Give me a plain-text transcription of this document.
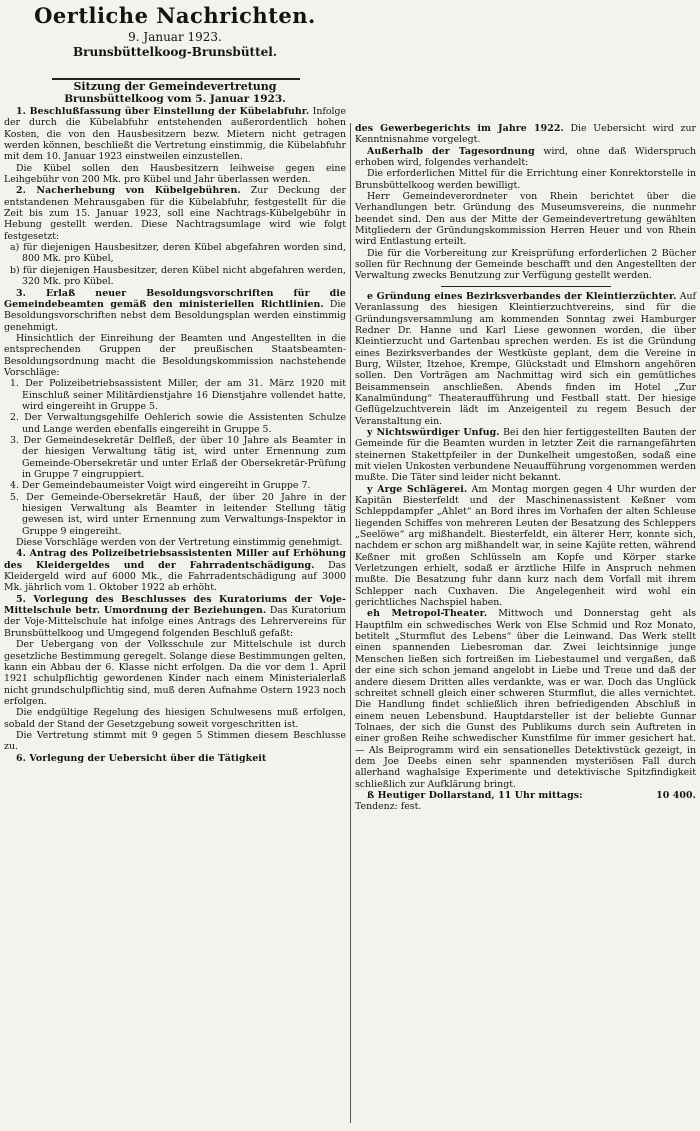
Oertliche Nachrichten.
9. Januar 1923.
Brunsbüttelkoog-Brunsbüttel.
Sitzung der Gemeindevertretung
Brunsbüttelkoog vom 5. Januar 1923.

1. Beschlußfassung über Einstellung der Kübelabfuhr. Infolge der durch die Kübelabfuhr entstehenden außerordentlich hohen Kosten, die von den Hausbesitzern bezw. Mietern nicht getragen werden können, beschließt die Vertretung einstimmig, die Kübelabfuhr mit dem 10. Januar 1923 einstweilen einzustellen.

Die Kübel sollen den Hausbesitzern leihweise gegen eine Leihgebühr von 200 Mk. pro Kübel und Jahr überlassen werden.

2. Nacherhebung von Kübelgebühren. Zur Deckung der entstandenen Mehrausgaben für die Kübelabfuhr, festgestellt für die Zeit bis zum 15. Januar 1923, soll eine Nachtrags-Kübelgebühr in Hebung gestellt werden. Diese Nachtragsumlage wird wie folgt festgesetzt:

a) für diejenigen Hausbesitzer, deren Kübel abgefahren worden sind, 800 Mk. pro Kübel,
b) für diejenigen Hausbesitzer, deren Kübel nicht abgefahren werden, 320 Mk. pro Kübel.

3. Erlaß neuer Besoldungsvorschriften für die Gemeindebeamten gemäß den ministeriellen Richtlinien. Die Besoldungsvorschriften nebst dem Besoldungsplan werden einstimmig genehmigt.

Hinsichtlich der Einreihung der Beamten und Angestellten in die entsprechenden Gruppen der preußischen Staatsbeamten-Besoldungsordnung macht die Besoldungskommission nachstehende Vorschläge:

1. Der Polizeibetriebsassistent Miller, der am 31. März 1920 mit Einschluß seiner Militärdienstjahre 16 Dienstjahre vollendet hatte, wird eingereiht in Gruppe 5.
2. Der Verwaltungsgehilfe Oehlerich sowie die Assistenten Schulze und Lange werden ebenfalls eingereiht in Gruppe 5.
3. Der Gemeindesekretär Delfleß, der über 10 Jahre als Beamter in der hiesigen Verwaltung tätig ist, wird unter Ernennung zum Gemeinde-Obersekretär und unter Erlaß der Obersekretär-Prüfung in Gruppe 7 eingruppiert.
4. Der Gemeindebaumeister Voigt wird eingereiht in Gruppe 7.
5. Der Gemeinde-Obersekretär Hauß, der über 20 Jahre in der hiesigen Verwaltung als Beamter in leitender Stellung tätig gewesen ist, wird unter Ernennung zum Verwaltungs-Inspektor in Gruppe 9 eingereiht.

Diese Vorschläge werden von der Vertretung einstimmig genehmigt.

4. Antrag des Polizeibetriebsassistenten Miller auf Erhöhung des Kleidergeldes und der Fahrradentschädigung. Das Kleidergeld wird auf 6000 Mk., die Fahrradentschädigung auf 3000 Mk. jährlich vom 1. Oktober 1922 ab erhöht.

5. Vorlegung des Beschlusses des Kuratoriums der Voje-Mittelschule betr. Umordnung der Beziehungen. Das Kuratorium der Voje-Mittelschule hat infolge eines Antrags des Lehrervereins für Brunsbüttelkoog und Umgegend folgenden Beschluß gefaßt:

Der Uebergang von der Volksschule zur Mittelschule ist durch gesetzliche Bestimmung geregelt. Solange diese Bestimmungen gelten, kann ein Abbau der 6. Klasse nicht erfolgen. Da die vor dem 1. April 1921 schulpflichtig gewordenen Kinder nach einem Ministerialerlaß nicht grundschulpflichtig sind, muß deren Aufnahme Ostern 1923 noch erfolgen.

Die endgültige Regelung des hiesigen Schulwesens muß erfolgen, sobald der Stand der Gesetzgebung soweit vorgeschritten ist.

Die Vertretung stimmt mit 9 gegen 5 Stimmen diesem Beschlusse zu.

6. Vorlegung der Uebersicht über die Tätigkeit

des Gewerbegerichts im Jahre 1922. Die Uebersicht wird zur Kenntnisnahme vorgelegt.

Außerhalb der Tagesordnung wird, ohne daß Widerspruch erhoben wird, folgendes verhandelt:

Die erforderlichen Mittel für die Errichtung einer Konrektorstelle in Brunsbüttelkoog werden bewilligt.

Herr Gemeindeverordneter von Rhein berichtet über die Verhandlungen betr. Gründung des Museumsvereins, die nunmehr beendet sind. Den aus der Mitte der Gemeindevertretung gewählten Mitgliedern der Gründungskommission Herren Heuer und von Rhein wird Entlastung erteilt.

Die für die Vorbereitung zur Kreisprüfung erforderlichen 2 Bücher sollen für Rechnung der Gemeinde beschafft und den Angestellten der Verwaltung zwecks Benutzung zur Verfügung gestellt werden.

e Gründung eines Bezirksverbandes der Kleintierzüchter. Auf Veranlassung des hiesigen Kleintierzuchtvereins, sind für die Gründungsversammlung am kommenden Sonntag zwei Hamburger Redner Dr. Hanne und Karl Liese gewonnen worden, die über Kleintierzucht und Gartenbau sprechen werden. Es ist die Gründung eines Bezirksverbandes der Westküste geplant, dem die Vereine in Burg, Wilster, Itzehoe, Krempe, Glückstadt und Elmshorn angehören sollen. Den Vorträgen am Nachmittag wird sich ein gemütliches Beisammensein anschließen. Abends finden im Hotel „Zur Kanalmündung“ Theateraufführung und Festball statt. Der hiesige Geflügelzuchtverein lädt im Anzeigenteil zu regem Besuch der Veranstaltung ein.

y Nichtswürdiger Unfug. Bei den hier fertiggestellten Bauten der Gemeinde für die Beamten wurden in letzter Zeit die rarnangefährten steinernen Stakettpfeiler in der Dunkelheit umgestoßen, sodaß eine mit vielen Unkosten verbundene Neuaufführung vorgenommen werden mußte. Die Täter sind leider nicht bekannt.

y Arge Schlägerei. Am Montag morgen gegen 4 Uhr wurden der Kapitän Biesterfeldt und der Maschinenassistent Keßner vom Schleppdampfer „Ahlet“ an Bord ihres im Vorhafen der alten Schleuse liegenden Schiffes von mehreren Leuten der Besatzung des Schleppers „Seelöwe“ arg mißhandelt. Biesterfeldt, ein älterer Herr, konnte sich, nachdem er schon arg mißhandelt war, in seine Kajüte retten, während Keßner mit großen Schlüsseln am Kopfe und Körper starke Verletzungen erhielt, sodaß er ärztliche Hilfe in Anspruch nehmen mußte. Die Besatzung fuhr dann kurz nach dem Vorfall mit ihrem Schlepper nach Cuxhaven. Die Angelegenheit wird wohl ein gerichtliches Nachspiel haben.

eh Metropol-Theater. Mittwoch und Donnerstag geht als Hauptfilm ein schwedisches Werk von Else Schmid und Roz Monato, betitelt „Sturmflut des Lebens“ über die Leinwand. Das Werk stellt einen spannenden Liebesroman dar. Zwei leichtsinnige junge Menschen ließen sich fortreißen im Liebestaumel und vergaßen, daß der eine sich schon jemand angelobt in Liebe und Treue und daß der andere diesem Dritten alles verdankte, was er war. Doch das Unglück schreitet schnell gleich einer schweren Sturmflut, die alles vernichtet. Die Handlung findet schließlich ihren befriedigenden Abschluß in einem neuen Lebensbund. Hauptdarsteller ist der beliebte Gunnar Tolnaes, der sich die Gunst des Publikums durch sein Auftreten in einer großen Reihe schwedischer Kunstfilme für immer gesichert hat.— Als Beiprogramm wird ein sensationelles Detektivstück gezeigt, in dem Joe Deebs einen sehr spannenden mysteriösen Fall durch allerhand waghalsige Experimente und detektivische Spitzfindigkeit schließlich zur Aufklärung bringt.

ß Heutiger Dollarstand, 11 Uhr mittags:	10 400.

Tendenz: fest.
